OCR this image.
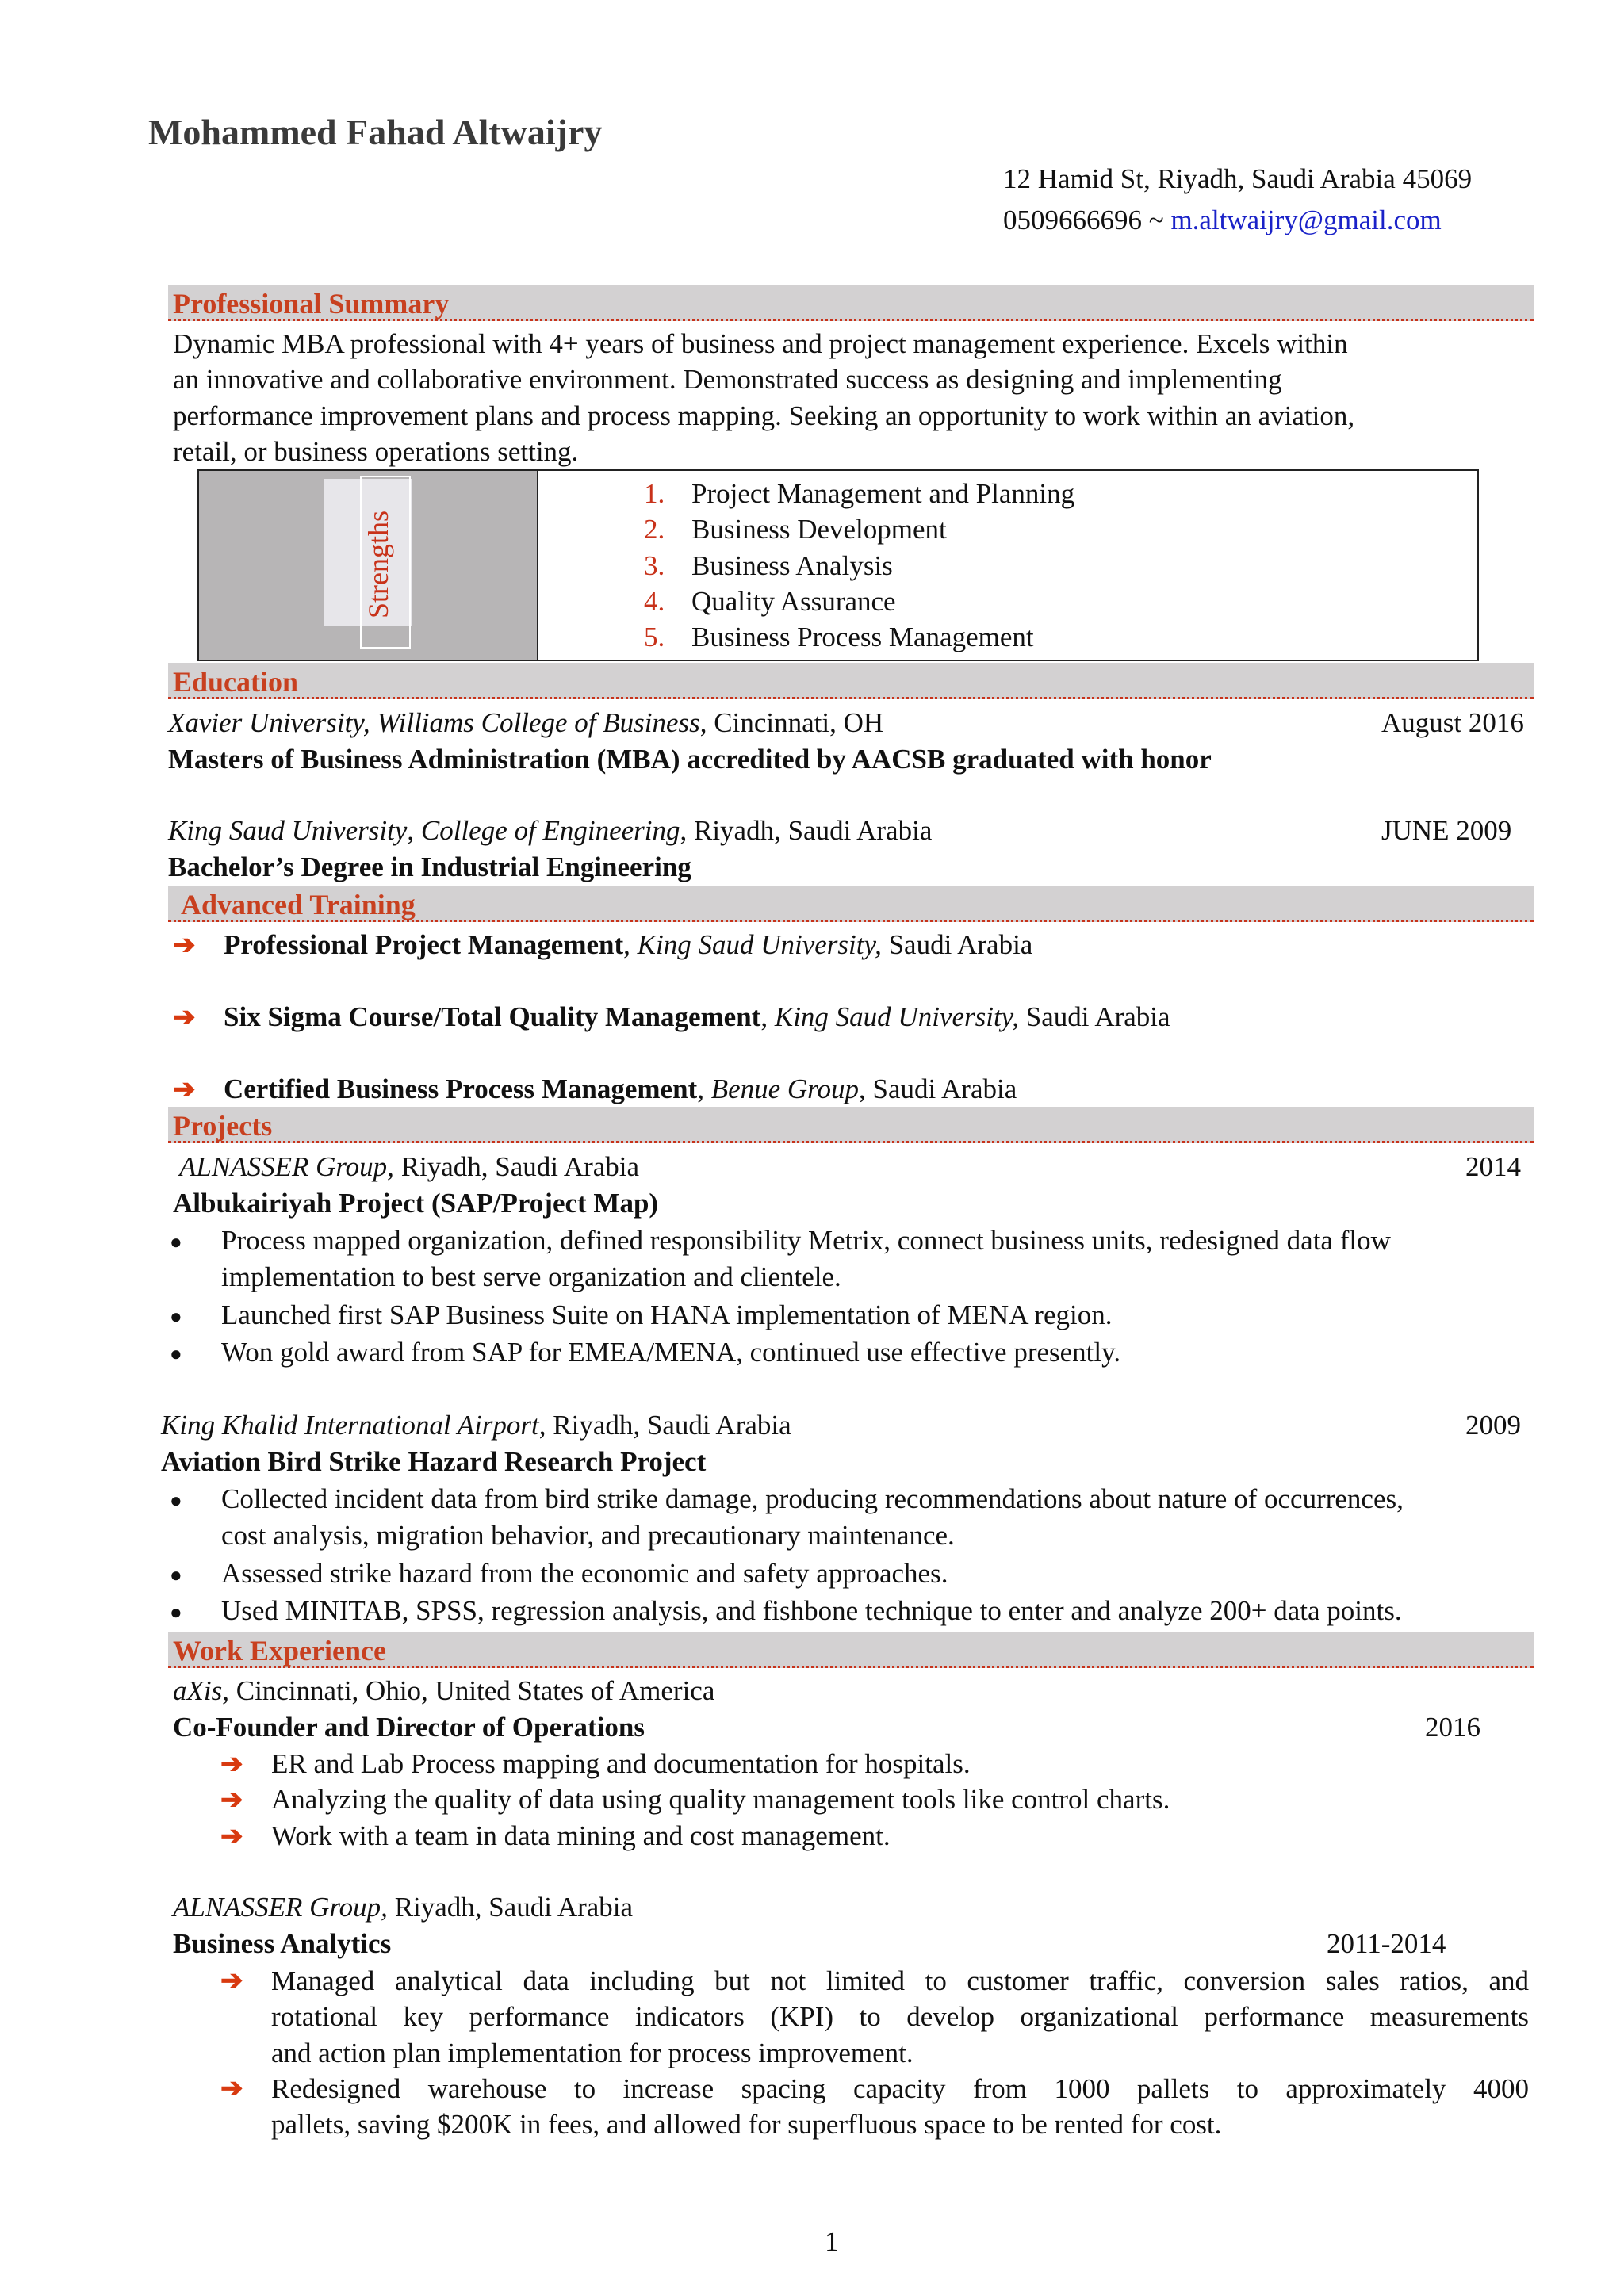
Mohammed Fahad Altwaijry
12 Hamid St, Riyadh, Saudi Arabia 45069
0509666696 ~ m.altwaijry@gmail.com
Professional Summary
Dynamic MBA professional with 4+ years of business and project management experience. Excels within
an innovative and collaborative environment. Demonstrated success as designing and implementing
performance improvement plans and process mapping. Seeking an opportunity to work within an aviation,
retail, or business operations setting.
Strengths
1. Project Management and Planning
2. Business Development
3. Business Analysis
4. Quality Assurance
5. Business Process Management
Education
Xavier University, Williams College of Business, Cincinnati, OH	August 2016
Masters of Business Administration (MBA) accredited by AACSB graduated with honor
King Saud University, College of Engineering, Riyadh, Saudi Arabia	JUNE 2009
Bachelor’s Degree in Industrial Engineering
Advanced Training
➔ Professional Project Management, King Saud University, Saudi Arabia
➔ Six Sigma Course/Total Quality Management, King Saud University, Saudi Arabia
➔ Certified Business Process Management, Benue Group, Saudi Arabia
Projects
ALNASSER Group, Riyadh, Saudi Arabia	2014
Albukairiyah Project (SAP/Project Map)
● Process mapped organization, defined responsibility Metrix, connect business units, redesigned data flow
implementation to best serve organization and clientele.
● Launched first SAP Business Suite on HANA implementation of MENA region.
● Won gold award from SAP for EMEA/MENA, continued use effective presently.
King Khalid International Airport, Riyadh, Saudi Arabia	2009
Aviation Bird Strike Hazard Research Project
● Collected incident data from bird strike damage, producing recommendations about nature of occurrences,
cost analysis, migration behavior, and precautionary maintenance.
● Assessed strike hazard from the economic and safety approaches.
● Used MINITAB, SPSS, regression analysis, and fishbone technique to enter and analyze 200+ data points.
Work Experience
aXis, Cincinnati, Ohio, United States of America
Co-Founder and Director of Operations	2016
➔ ER and Lab Process mapping and documentation for hospitals.
➔ Analyzing the quality of data using quality management tools like control charts.
➔ Work with a team in data mining and cost management.
ALNASSER Group, Riyadh, Saudi Arabia
Business Analytics	2011-2014
➔	Managed analytical data including but not limited to customer traffic, conversion sales ratios, and
rotational key performance indicators (KPI) to develop organizational performance measurements
and action plan implementation for process improvement.
➔	Redesigned warehouse to increase spacing capacity from 1000 pallets to approximately 4000
pallets, saving $200K in fees, and allowed for superfluous space to be rented for cost.
1
